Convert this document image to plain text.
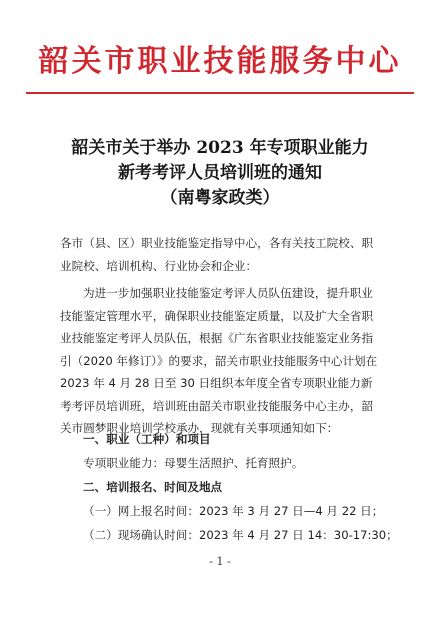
韶关市职业技能服务中心
韶关市关于举办 2023 年专项职业能力
新考考评人员培训班的通知
（南粤家政类）
各市（县、区）职业技能鉴定指导中心，各有关技工院校、职业院校、培训机构、行业协会和企业：
为进一步加强职业技能鉴定考评人员队伍建设，提升职业技能鉴定管理水平，确保职业技能鉴定质量，以及扩大全省职业技能鉴定考评人员队伍，根据《广东省职业技能鉴定业务指引（2020 年修订）》的要求，韶关市职业技能服务中心计划在 2023 年 4 月 28 日至 30 日组织本年度全省专项职业能力新考考评员培训班，培训班由韶关市职业技能服务中心主办，韶关市圆梦职业培训学校承办，现就有关事项通知如下：
一、职业（工种）和项目
专项职业能力：母婴生活照护、托育照护。
二、培训报名、时间及地点
（一）网上报名时间：2023 年 3 月 27 日—4 月 22 日；
（二）现场确认时间：2023 年 4 月 27 日 14：30-17:30；
- 1 -
